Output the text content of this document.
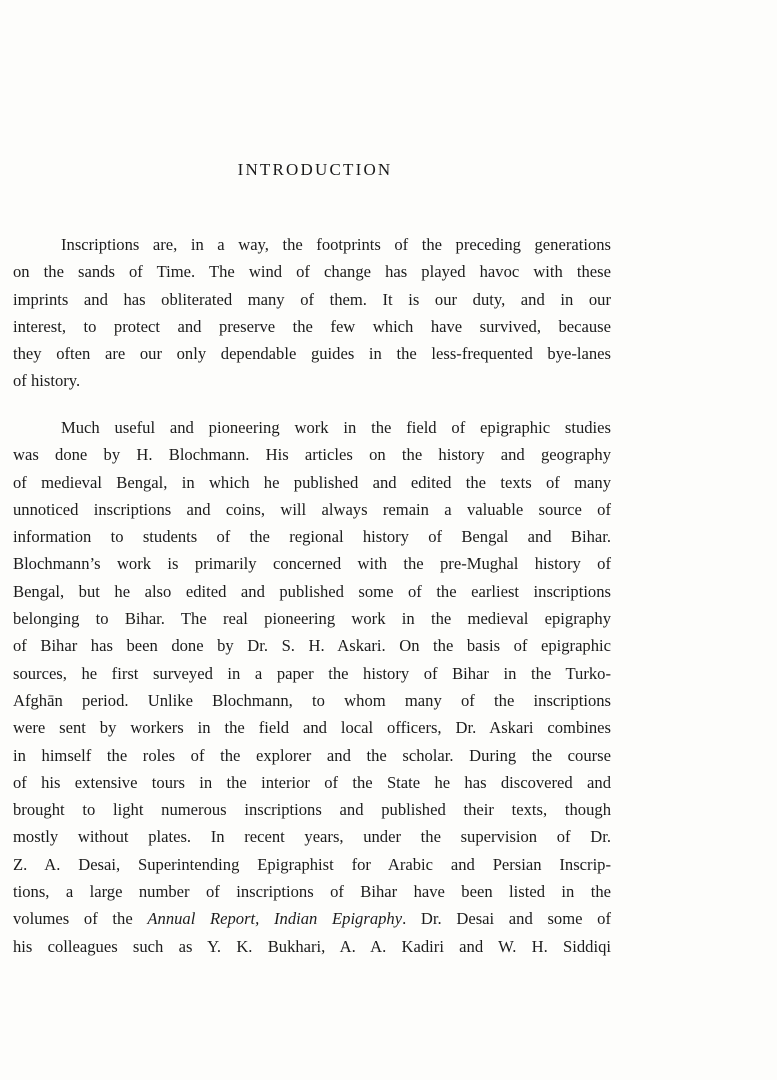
INTRODUCTION

Inscriptions are, in a way, the footprints of the preceding generations
on the sands of Time. The wind of change has played havoc with these
imprints and has obliterated many of them. It is our duty, and in our
interest, to protect and preserve the few which have survived, because
they often are our only dependable guides in the less-frequented bye-lanes
of history.

Much useful and pioneering work in the field of epigraphic studies
was done by H. Blochmann. His articles on the history and geography
of medieval Bengal, in which he published and edited the texts of many
unnoticed inscriptions and coins, will always remain a valuable source of
information to students of the regional history of Bengal and Bihar.
Blochmann’s work is primarily concerned with the pre-Mughal history of
Bengal, but he also edited and published some of the earliest inscriptions
belonging to Bihar. The real pioneering work in the medieval epigraphy
of Bihar has been done by Dr. S. H. Askari. On the basis of epigraphic
sources, he first surveyed in a paper the history of Bihar in the Turko-
Afghān period. Unlike Blochmann, to whom many of the inscriptions
were sent by workers in the field and local officers, Dr. Askari combines
in himself the roles of the explorer and the scholar. During the course
of his extensive tours in the interior of the State he has discovered and
brought to light numerous inscriptions and published their texts, though
mostly without plates. In recent years, under the supervision of Dr.
Z. A. Desai, Superintending Epigraphist for Arabic and Persian Inscrip-
tions, a large number of inscriptions of Bihar have been listed in the
volumes of the Annual Report, Indian Epigraphy. Dr. Desai and some of
his colleagues such as Y. K. Bukhari, A. A. Kadiri and W. H. Siddiqi
